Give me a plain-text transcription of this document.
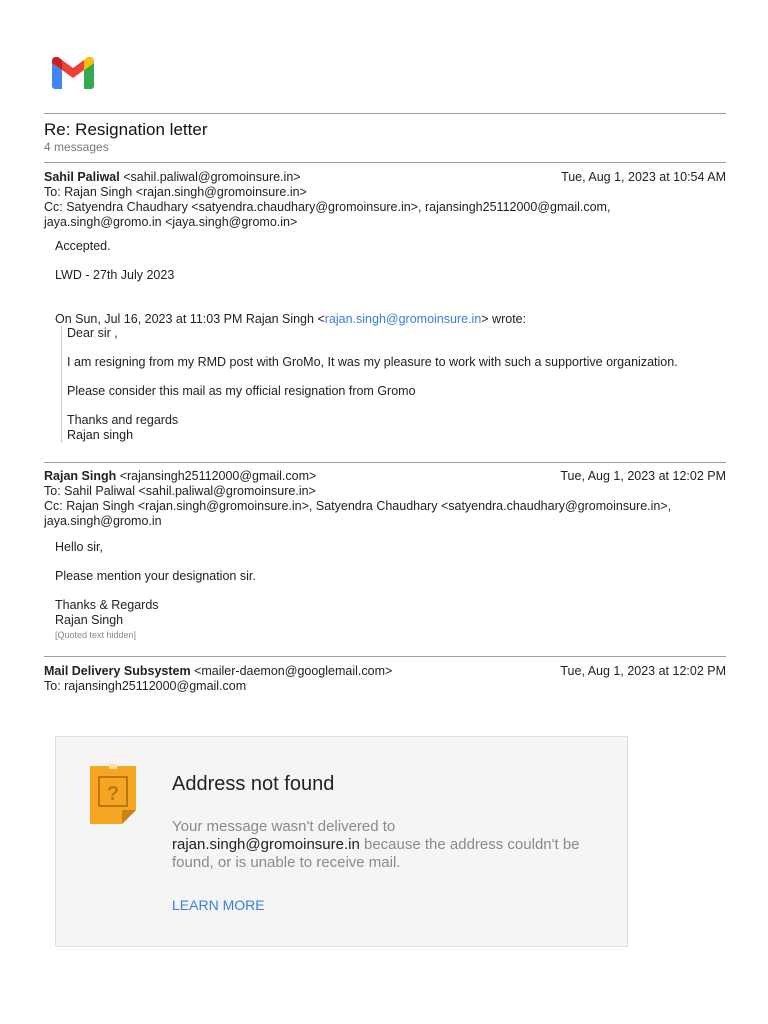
Re: Resignation letter
4 messages
Sahil Paliwal <sahil.paliwal@gromoinsure.in>	Tue, Aug 1, 2023 at 10:54 AM
To: Rajan Singh <rajan.singh@gromoinsure.in>
Cc: Satyendra Chaudhary <satyendra.chaudhary@gromoinsure.in>, rajansingh25112000@gmail.com,
jaya.singh@gromo.in <jaya.singh@gromo.in>

Accepted.

LWD - 27th July 2023

On Sun, Jul 16, 2023 at 11:03 PM Rajan Singh <rajan.singh@gromoinsure.in> wrote:

Dear sir ,

I am resigning from my RMD post with GroMo, It was my pleasure to work with such a supportive organization.

Please consider this mail as my official resignation from Gromo

Thanks and regards

Rajan singh

Rajan Singh <rajansingh25112000@gmail.com>	Tue, Aug 1, 2023 at 12:02 PM
To: Sahil Paliwal <sahil.paliwal@gromoinsure.in>
Cc: Rajan Singh <rajan.singh@gromoinsure.in>, Satyendra Chaudhary <satyendra.chaudhary@gromoinsure.in>,
jaya.singh@gromo.in

Hello sir,

Please mention your designation sir.

Thanks & Regards

Rajan Singh

[Quoted text hidden]

Mail Delivery Subsystem <mailer-daemon@googlemail.com>	Tue, Aug 1, 2023 at 12:02 PM
To: rajansingh25112000@gmail.com
?	Address not found
Your message wasn't delivered to
rajan.singh@gromoinsure.in because the address couldn't be found, or is unable to receive mail.
LEARN MORE
